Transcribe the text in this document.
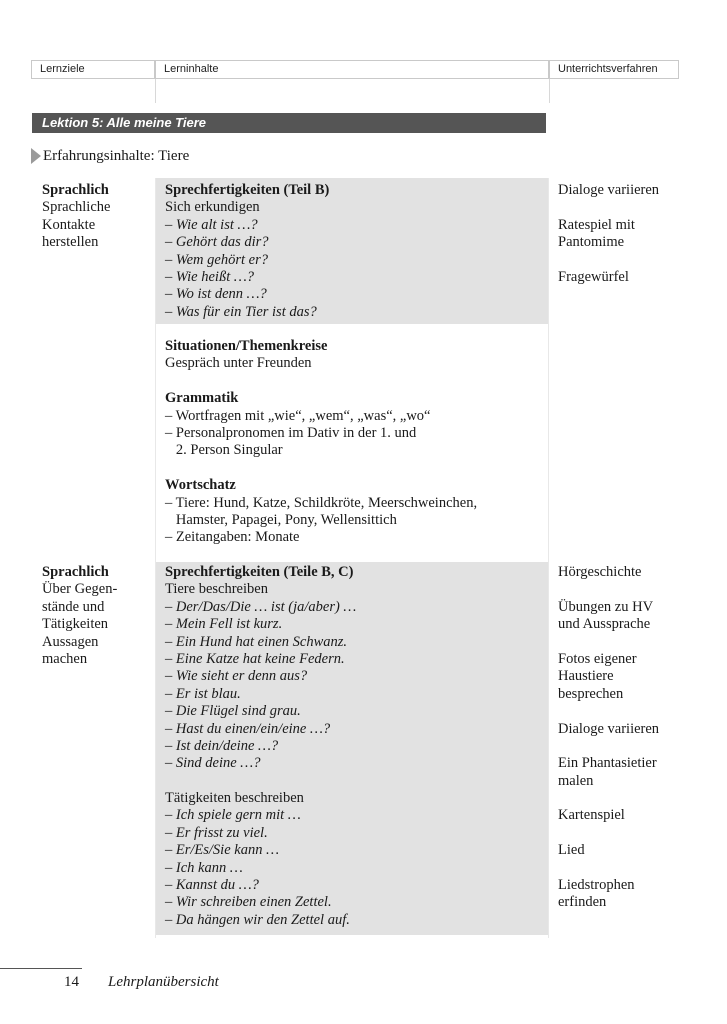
Lernziele	Lerninhalte	Unterrichtsverfahren
Lektion 5: Alle meine Tiere
Erfahrungsinhalte: Tiere
Sprachlich
Sprachliche
Kontakte
herstellen
Sprechfertigkeiten (Teil B)
Sich erkundigen
– Wie alt ist …?
– Gehört das dir?
– Wem gehört er?
– Wie heißt …?
– Wo ist denn …?
– Was für ein Tier ist das?
Dialoge variieren
Ratespiel mit
Pantomime
Fragewürfel
Situationen/Themenkreise
Gespräch unter Freunden
Grammatik
– Wortfragen mit „wie“, „wem“, „was“, „wo“
– Personalpronomen im Dativ in der 1. und
2. Person Singular
Wortschatz
– Tiere: Hund, Katze, Schildkröte, Meerschweinchen,
Hamster, Papagei, Pony, Wellensittich
– Zeitangaben: Monate
Sprachlich
Über Gegen-
stände und
Tätigkeiten
Aussagen
machen
Sprechfertigkeiten (Teile B, C)
Tiere beschreiben
– Der/Das/Die … ist (ja/aber) …
– Mein Fell ist kurz.
– Ein Hund hat einen Schwanz.
– Eine Katze hat keine Federn.
– Wie sieht er denn aus?
– Er ist blau.
– Die Flügel sind grau.
– Hast du einen/ein/eine …?
– Ist dein/deine …?
– Sind deine …?
Tätigkeiten beschreiben
– Ich spiele gern mit …
– Er frisst zu viel.
– Er/Es/Sie kann …
– Ich kann …
– Kannst du …?
– Wir schreiben einen Zettel.
– Da hängen wir den Zettel auf.
Hörgeschichte
Übungen zu HV
und Aussprache
Fotos eigener
Haustiere
besprechen
Dialoge variieren
Ein Phantasietier
malen
Kartenspiel
Lied
Liedstrophen
erfinden
14 Lehrplanübersicht
